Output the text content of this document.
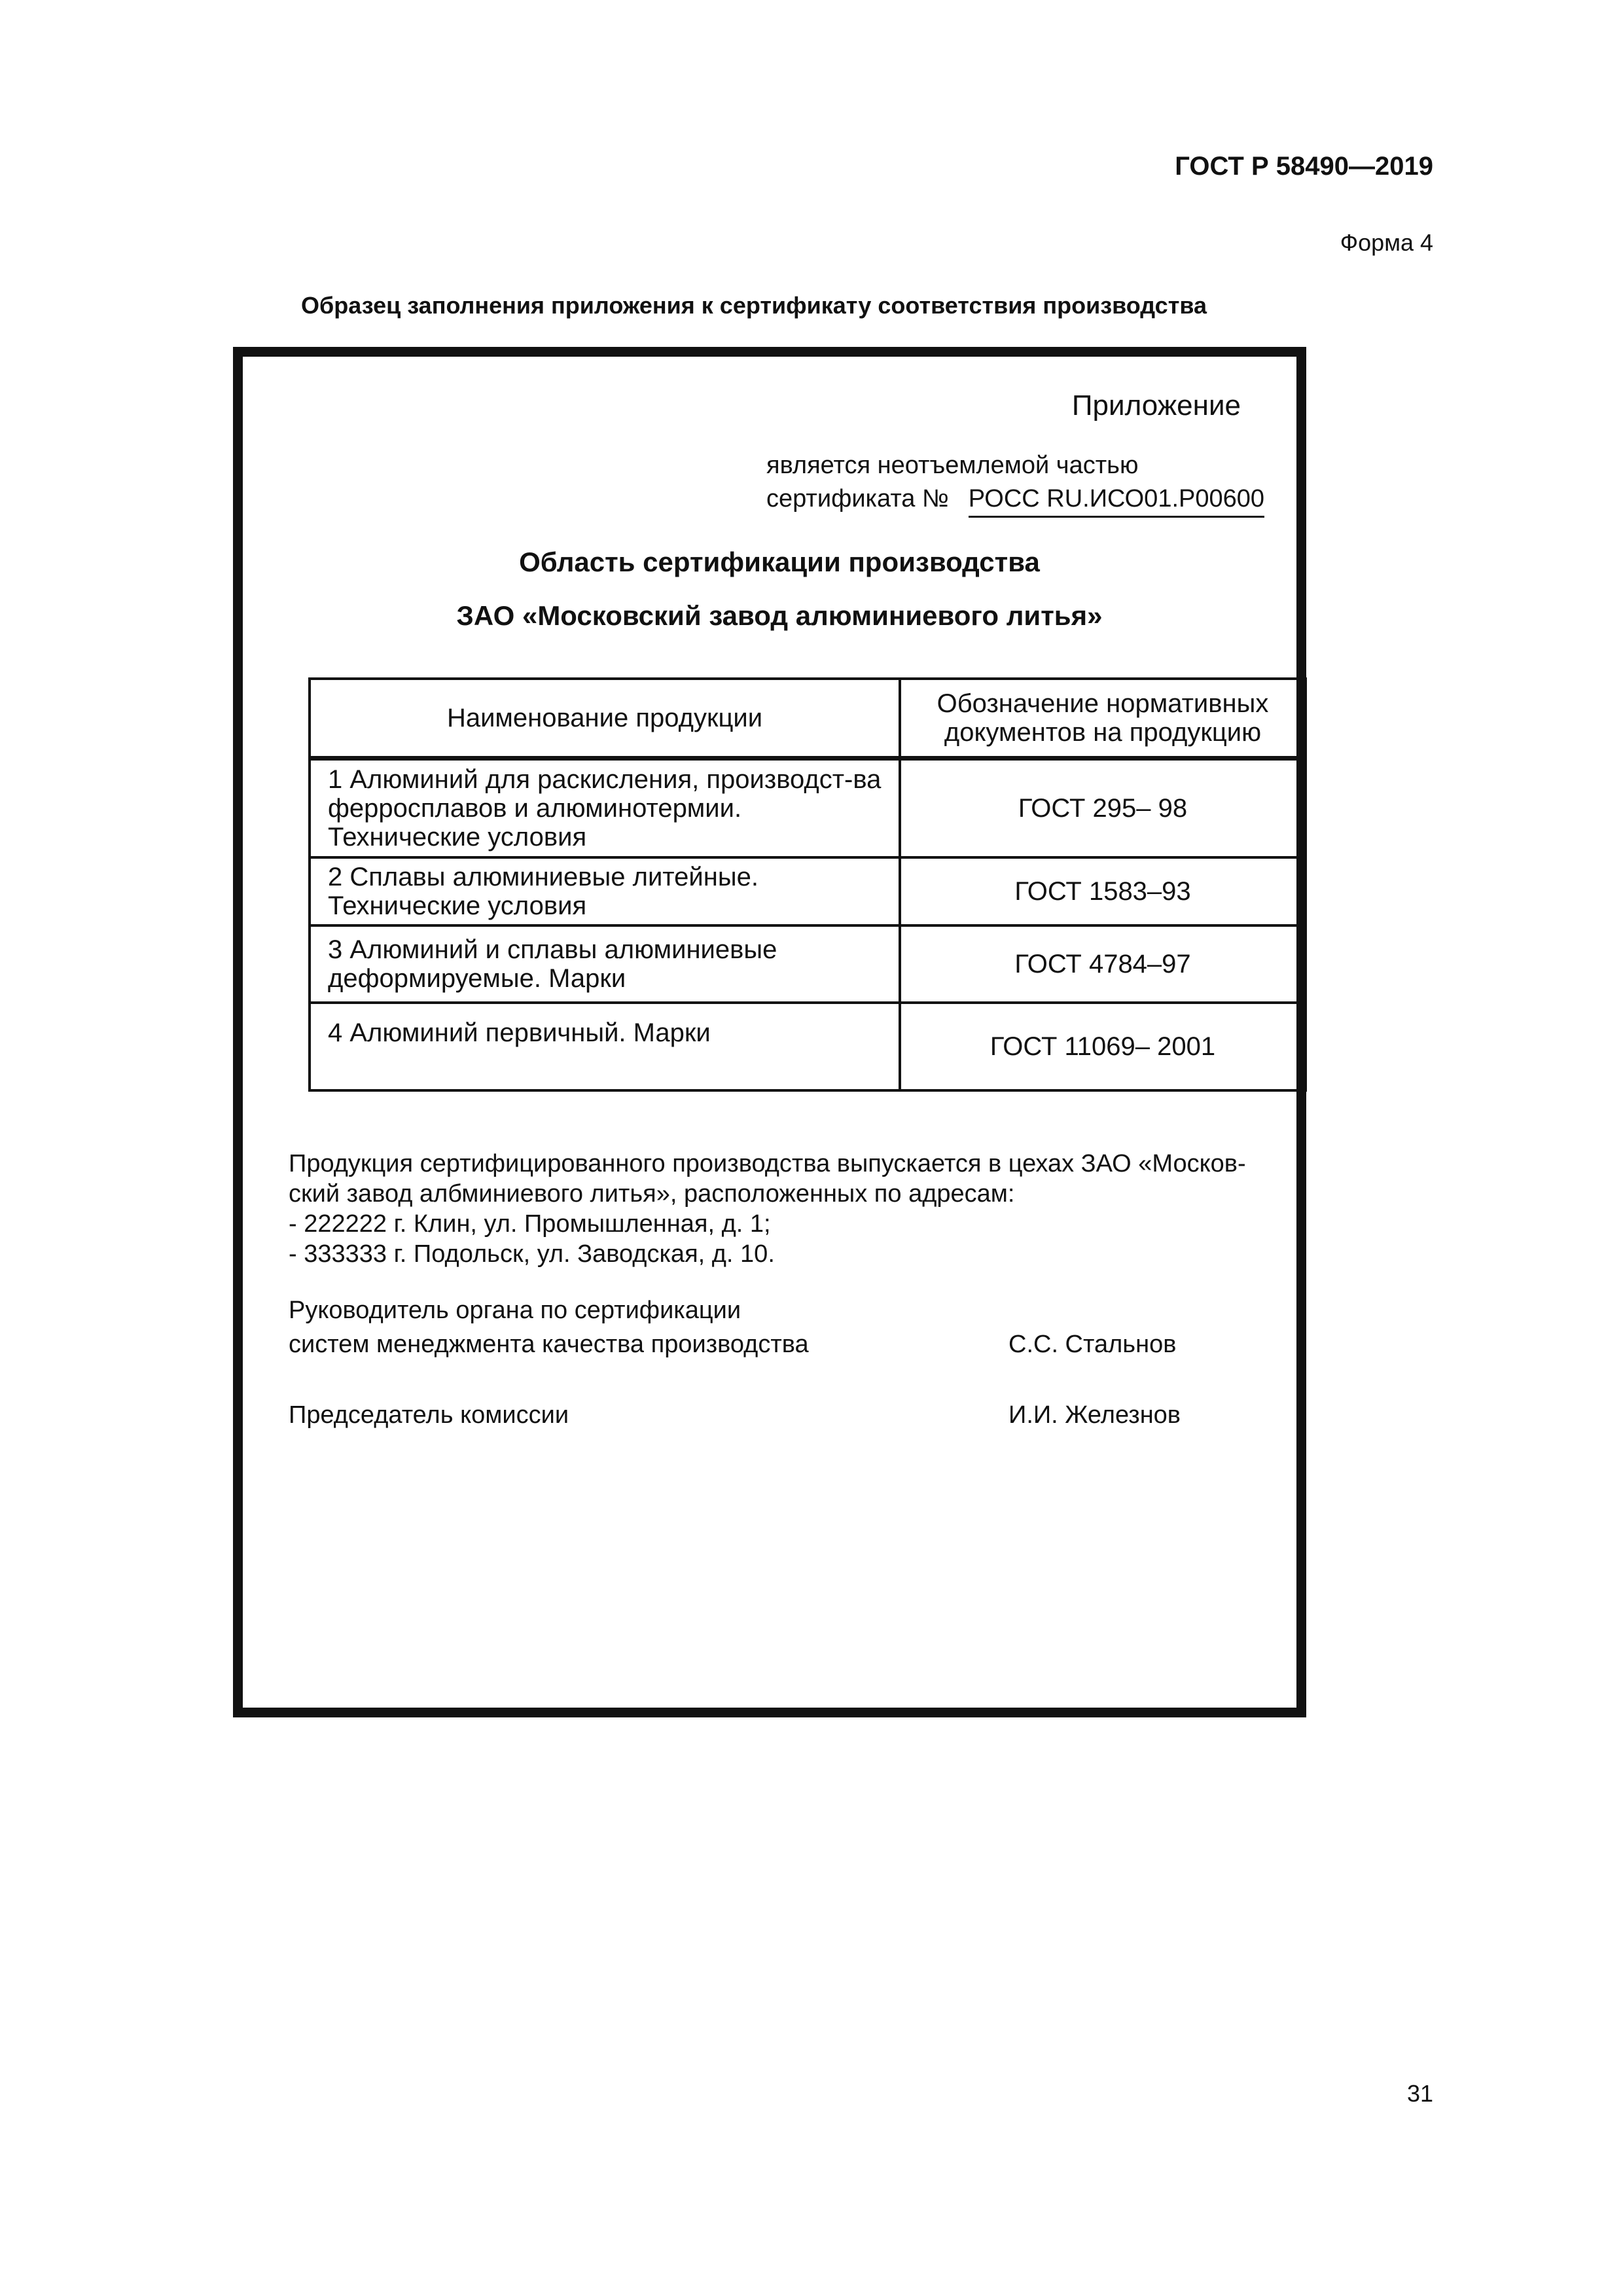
ГОСТ Р 58490—2019
Форма 4
Образец заполнения приложения к сертификату соответствия производства
Приложение
является неотъемлемой частью
сертификата № РОСС RU.ИСО01.Р00600
Область сертификации производства
ЗАО «Московский завод алюминиевого литья»
Наименование продукции	Обозначение нормативных документов на продукцию
1 Алюминий для раскисления, производст-ва ферросплавов и алюминотермии. Технические условия	ГОСТ 295– 98
2 Сплавы алюминиевые литейные. Технические условия	ГОСТ 1583–93
3 Алюминий и сплавы алюминиевые деформируемые. Марки	ГОСТ 4784–97
4 Алюминий первичный. Марки	ГОСТ 11069– 2001

Продукция сертифицированного производства выпускается в цехах ЗАО «Москов-ский завод албминиевого литья», расположенных по адресам:

- 222222 г. Клин, ул. Промышленная, д. 1;

- 333333 г. Подольск, ул. Заводская, д. 10.

Руководитель органа по сертификации
систем менеджмента качества производства	С.С. Стальнов
Председатель комиссии	И.И. Железнов
31
